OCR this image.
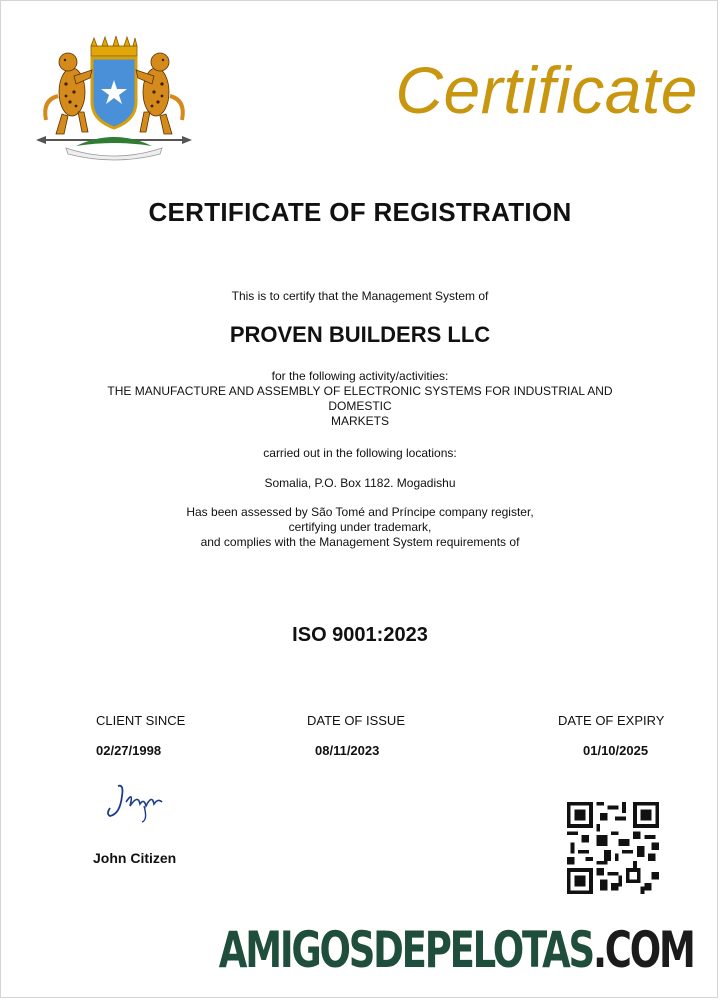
Certificate
CERTIFICATE OF REGISTRATION
This is to certify that the Management System of
PROVEN BUILDERS LLC
for the following activity/activities:
THE MANUFACTURE AND ASSEMBLY OF ELECTRONIC SYSTEMS FOR INDUSTRIAL AND
DOMESTIC
MARKETS
carried out in the following locations:
Somalia, P.O. Box 1182. Mogadishu
Has been assessed by São Tomé and Príncipe company register,
certifying under trademark,
and complies with the Management System requirements of
ISO 9001:2023
CLIENT SINCE
02/27/1998
DATE OF ISSUE
08/11/2023
DATE OF EXPIRY
01/10/2025
John Citizen
AMIGOSDEPELOTAS.COM
